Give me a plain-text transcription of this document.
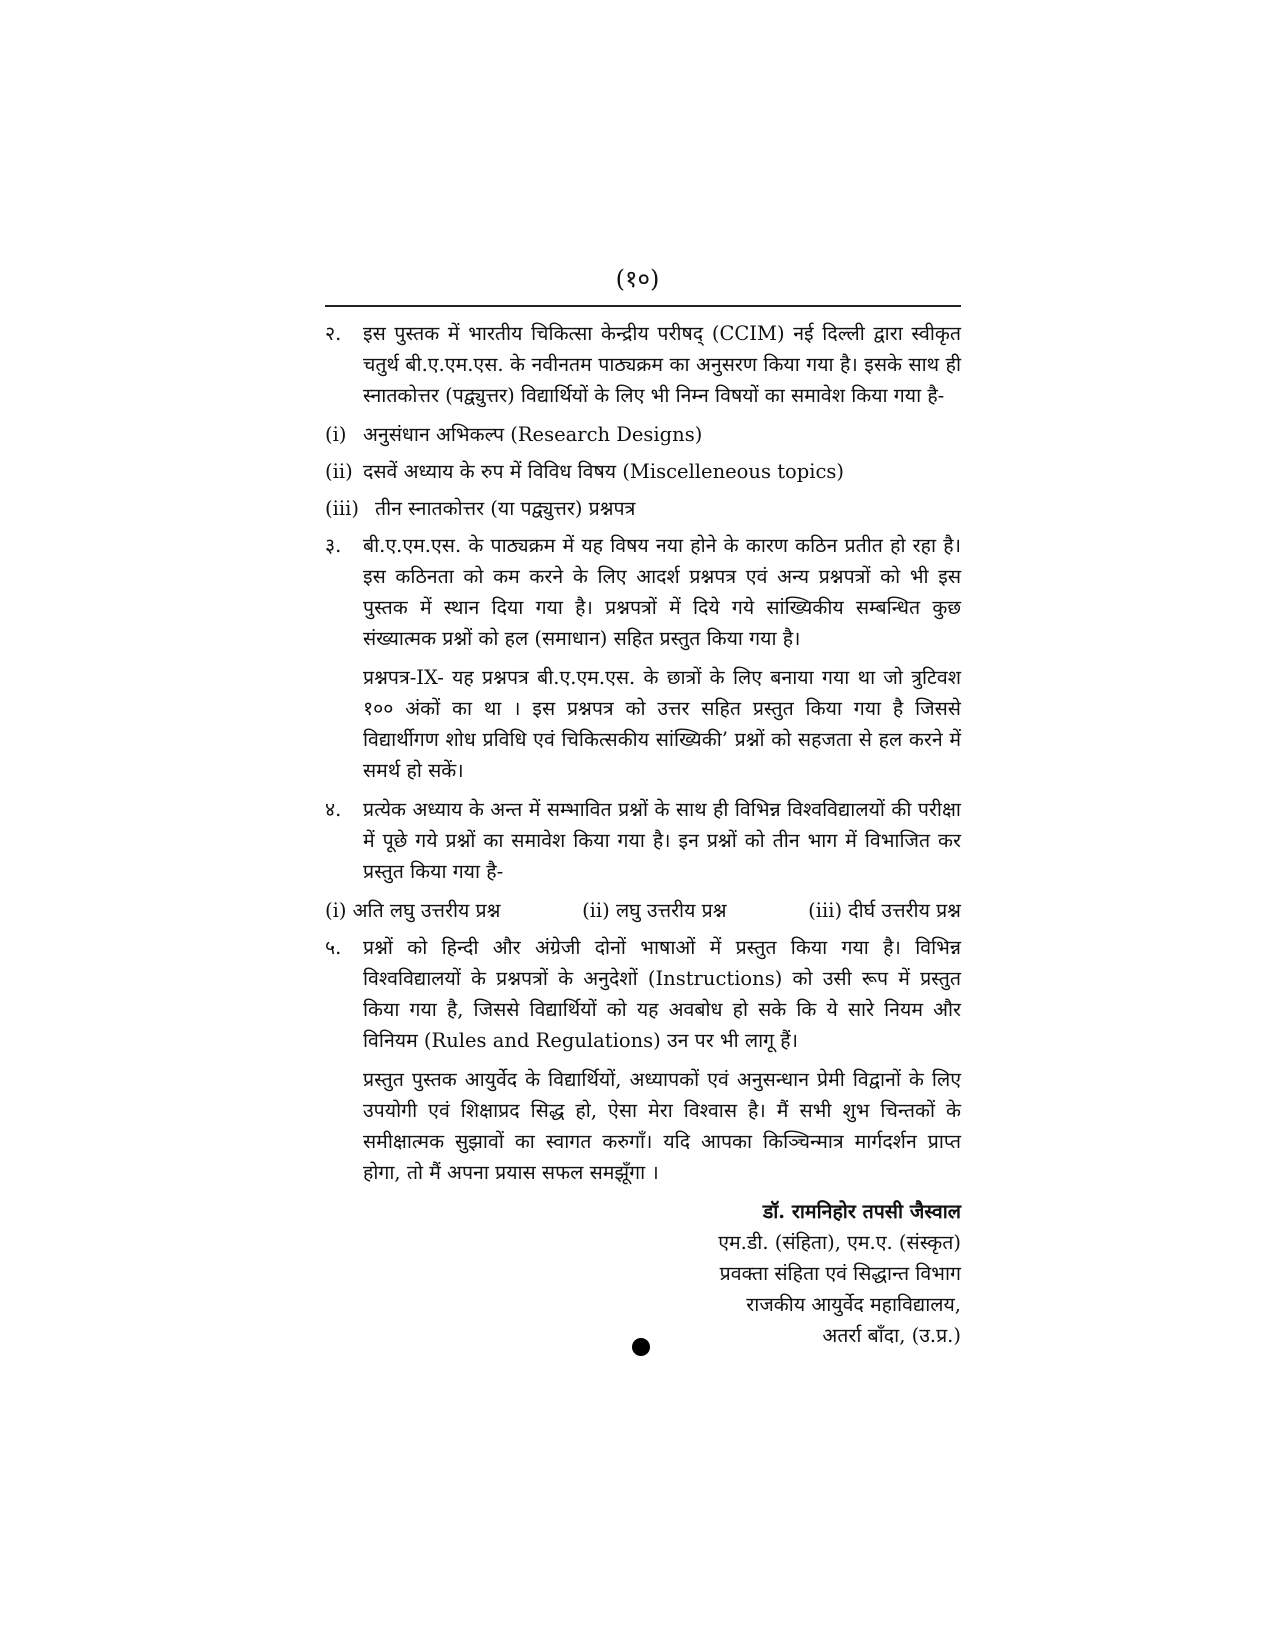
(१०)
२.	इस पुस्तक में भारतीय चिकित्सा केन्द्रीय परीषद् (CCIM) नई दिल्ली द्वारा स्वीकृत चतुर्थ बी.ए.एम.एस. के नवीनतम पाठ्यक्रम का अनुसरण किया गया है। इसके साथ ही स्नातकोत्तर (पद्व्युत्तर) विद्यार्थियों के लिए भी निम्न विषयों का समावेश किया गया है-
(i) अनुसंधान अभिकल्प (Research Designs)
(ii) दसवें अध्याय के रुप में विविध विषय (Miscelleneous topics)
(iii) तीन स्नातकोत्तर (या पद्व्युत्तर) प्रश्नपत्र
३.	बी.ए.एम.एस. के पाठ्यक्रम में यह विषय नया होने के कारण कठिन प्रतीत हो रहा है। इस कठिनता को कम करने के लिए आदर्श प्रश्नपत्र एवं अन्य प्रश्नपत्रों को भी इस पुस्तक में स्थान दिया गया है। प्रश्नपत्रों में दिये गये सांख्यिकीय सम्बन्धित कुछ संख्यात्मक प्रश्नों को हल (समाधान) सहित प्रस्तुत किया गया है।
प्रश्नपत्र-IX- यह प्रश्नपत्र बी.ए.एम.एस. के छात्रों के लिए बनाया गया था जो त्रुटिवश १०० अंकों का था । इस प्रश्नपत्र को उत्तर सहित प्रस्तुत किया गया है जिससे विद्यार्थीगण शोध प्रविधि एवं चिकित्सकीय सांख्यिकी’ प्रश्नों को सहजता से हल करने में समर्थ हो सकें।
४.	प्रत्येक अध्याय के अन्त में सम्भावित प्रश्नों के साथ ही विभिन्न विश्वविद्यालयों की परीक्षा में पूछे गये प्रश्नों का समावेश किया गया है। इन प्रश्नों को तीन भाग में विभाजित कर प्रस्तुत किया गया है-
(i) अति लघु उत्तरीय प्रश्न	(ii) लघु उत्तरीय प्रश्न	(iii) दीर्घ उत्तरीय प्रश्न
५.	प्रश्नों को हिन्दी और अंग्रेजी दोनों भाषाओं में प्रस्तुत किया गया है। विभिन्न विश्वविद्यालयों के प्रश्नपत्रों के अनुदेशों (Instructions) को उसी रूप में प्रस्तुत किया गया है, जिससे विद्यार्थियों को यह अवबोध हो सके कि ये सारे नियम और विनियम (Rules and Regulations) उन पर भी लागू हैं।
प्रस्तुत पुस्तक आयुर्वेद के विद्यार्थियों, अध्यापकों एवं अनुसन्धान प्रेमी विद्वानों के लिए उपयोगी एवं शिक्षाप्रद सिद्ध हो, ऐसा मेरा विश्वास है। मैं सभी शुभ चिन्तकों के समीक्षात्मक सुझावों का स्वागत करुगाँ। यदि आपका किञ्चिन्मात्र मार्गदर्शन प्राप्त होगा, तो मैं अपना प्रयास सफल समझूँगा ।
डॉ. रामनिहोर तपसी जैस्वाल
एम.डी. (संहिता), एम.ए. (संस्कृत)
प्रवक्ता संहिता एवं सिद्धान्त विभाग
राजकीय आयुर्वेद महाविद्यालय,
अतर्रा बाँदा, (उ.प्र.)
